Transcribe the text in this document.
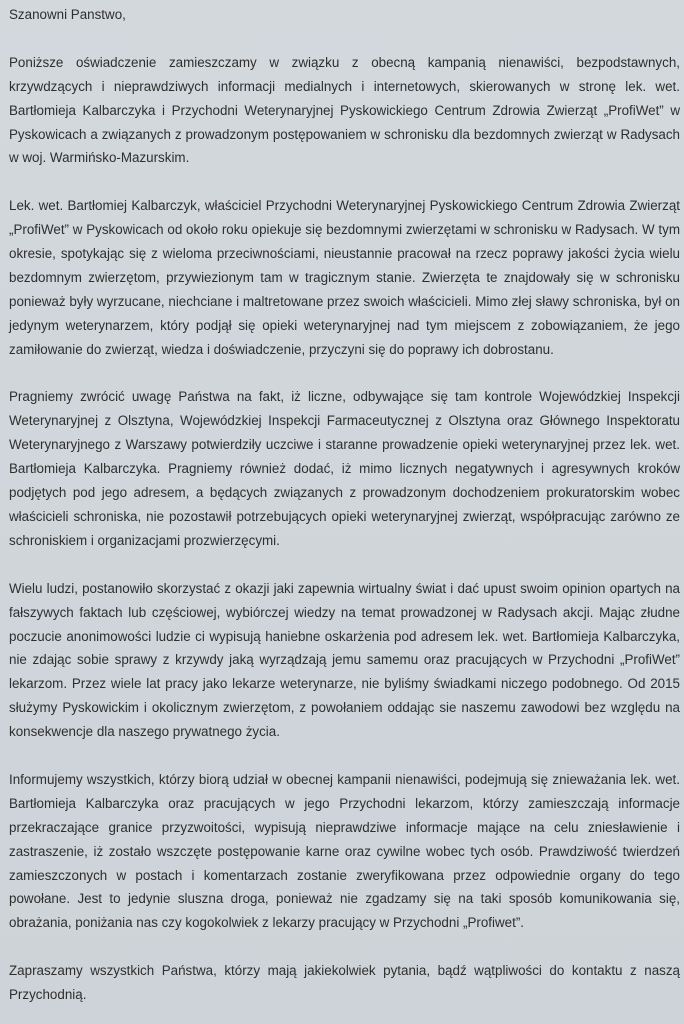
Szanowni Panstwo,

Poniższe oświadczenie zamieszczamy w związku z obecną kampanią nienawiści, bezpodstawnych, krzywdzących i nieprawdziwych informacji medialnych i internetowych, skierowanych w stronę lek. wet. Bartłomieja Kalbarczyka i Przychodni Weterynaryjnej Pyskowickiego Centrum Zdrowia Zwierząt „ProfiWet” w Pyskowicach a związanych z prowadzonym postępowaniem w schronisku dla bezdomnych zwierząt w Radysach w woj. Warmińsko-Mazurskim.

Lek. wet. Bartłomiej Kalbarczyk, właściciel Przychodni Weterynaryjnej Pyskowickiego Centrum Zdrowia Zwierząt „ProfiWet” w Pyskowicach od około roku opiekuje się bezdomnymi zwierzętami w schronisku w Radysach. W tym okresie, spotykając się z wieloma przeciwnościami, nieustannie pracował na rzecz poprawy jakości życia wielu bezdomnym zwierzętom, przywiezionym tam w tragicznym stanie. Zwierzęta te znajdowały się w schronisku ponieważ były wyrzucane, niechciane i maltretowane przez swoich właścicieli. Mimo złej sławy schroniska, był on jedynym weterynarzem, który podjął się opieki weterynaryjnej nad tym miejscem z zobowiązaniem, że jego zamiłowanie do zwierząt, wiedza i doświadczenie, przyczyni się do poprawy ich dobrostanu.

Pragniemy zwrócić uwagę Państwa na fakt, iż liczne, odbywające się tam kontrole Wojewódzkiej Inspekcji Weterynaryjnej z Olsztyna, Wojewódzkiej Inspekcji Farmaceutycznej z Olsztyna oraz Głównego Inspektoratu Weterynaryjnego z Warszawy potwierdziły uczciwe i staranne prowadzenie opieki weterynaryjnej przez lek. wet. Bartłomieja Kalbarczyka. Pragniemy również dodać, iż mimo licznych negatywnych i agresywnych kroków podjętych pod jego adresem, a będących związanych z prowadzonym dochodzeniem prokuratorskim wobec właścicieli schroniska, nie pozostawił potrzebujących opieki weterynaryjnej zwierząt, współpracując zarówno ze schroniskiem i organizacjami prozwierzęcymi.

Wielu ludzi, postanowiło skorzystać z okazji jaki zapewnia wirtualny świat i dać upust swoim opinion opartych na fałszywych faktach lub częściowej, wybiórczej wiedzy na temat prowadzonej w Radysach akcji. Mając złudne poczucie anonimowości ludzie ci wypisują haniebne oskarżenia pod adresem lek. wet. Bartłomieja Kalbarczyka, nie zdając sobie sprawy z krzywdy jaką wyrządzają jemu samemu oraz pracujących w Przychodni „ProfiWet” lekarzom. Przez wiele lat pracy jako lekarze weterynarze, nie byliśmy świadkami niczego podobnego. Od 2015 służymy Pyskowickim i okolicznym zwierzętom, z powołaniem oddając sie naszemu zawodowi bez względu na konsekwencje dla naszego prywatnego życia.

Informujemy wszystkich, którzy biorą udział w obecnej kampanii nienawiści, podejmują się znieważania lek. wet. Bartłomieja Kalbarczyka oraz pracujących w jego Przychodni lekarzom, którzy zamieszczają informacje przekraczające granice przyzwoitości, wypisują nieprawdziwe informacje mające na celu zniesławienie i zastraszenie, iż zostało wszczęte postępowanie karne oraz cywilne wobec tych osób. Prawdziwość twierdzeń zamieszczonych w postach i komentarzach zostanie zweryfikowana przez odpowiednie organy do tego powołane. Jest to jedynie sluszna droga, ponieważ nie zgadzamy się na taki sposób komunikowania się, obrażania, poniżania nas czy kogokolwiek z lekarzy pracujący w Przychodni „Profiwet”.

Zapraszamy wszystkich Państwa, którzy mają jakiekolwiek pytania, bądź wątpliwości do kontaktu z naszą Przychodnią.
